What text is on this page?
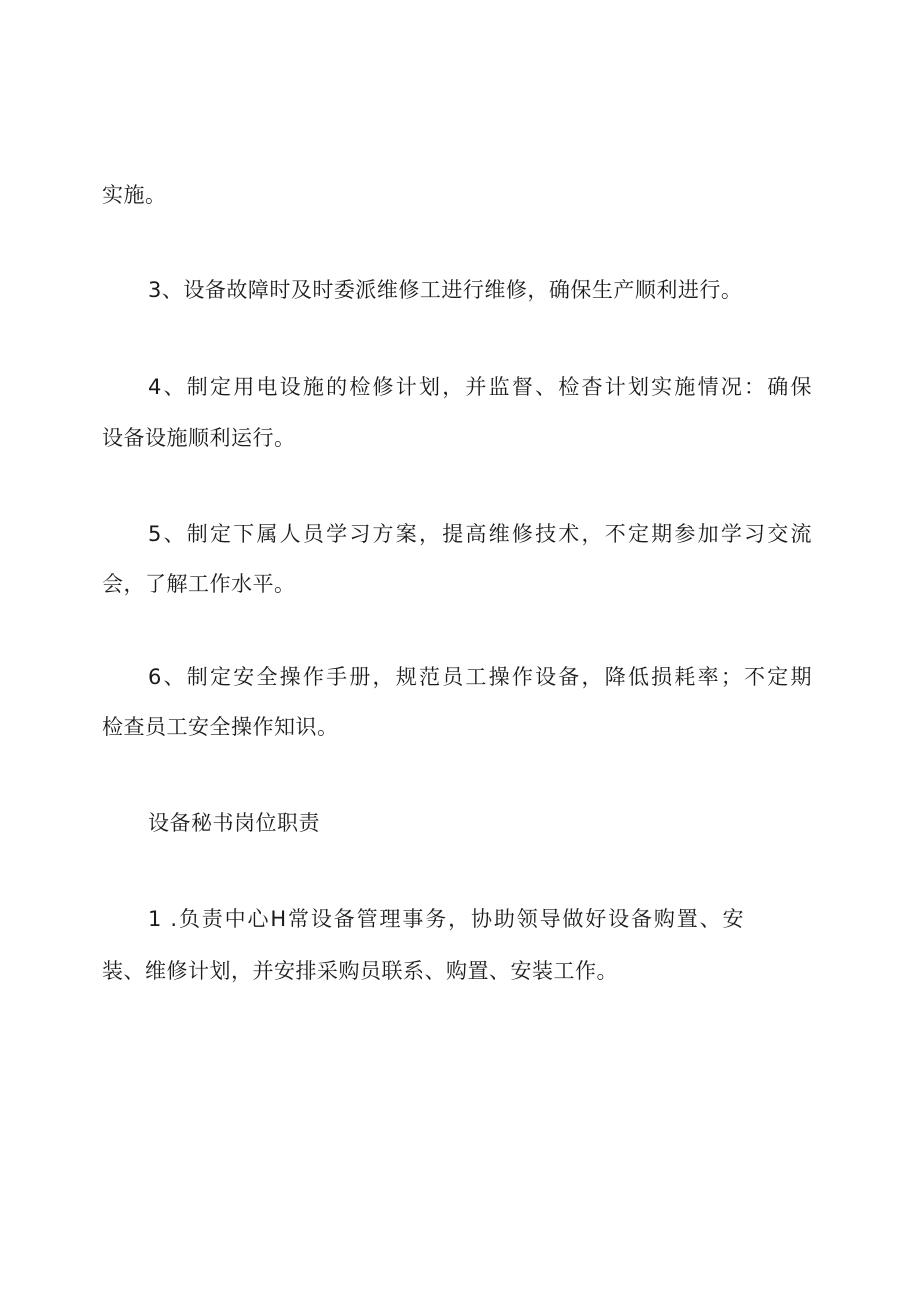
实施。
3、设备故障时及时委派维修工进行维修，确保生产顺利进行。
4、制定用电设施的检修计划，并监督、检杳计划实施情况：确保
设备设施顺利运行。
5、制定下属人员学习方案，提高维修技术，不定期参加学习交流
会，了解工作水平。
6、制定安全操作手册，规范员工操作设备，降低损耗率；不定期
检查员工安全操作知识。
设备秘书岗位职责
1 .负责中心H常设备管理事务，协助领导做好设备购置、安
装、维修计划，并安排采购员联系、购置、安装工作。
